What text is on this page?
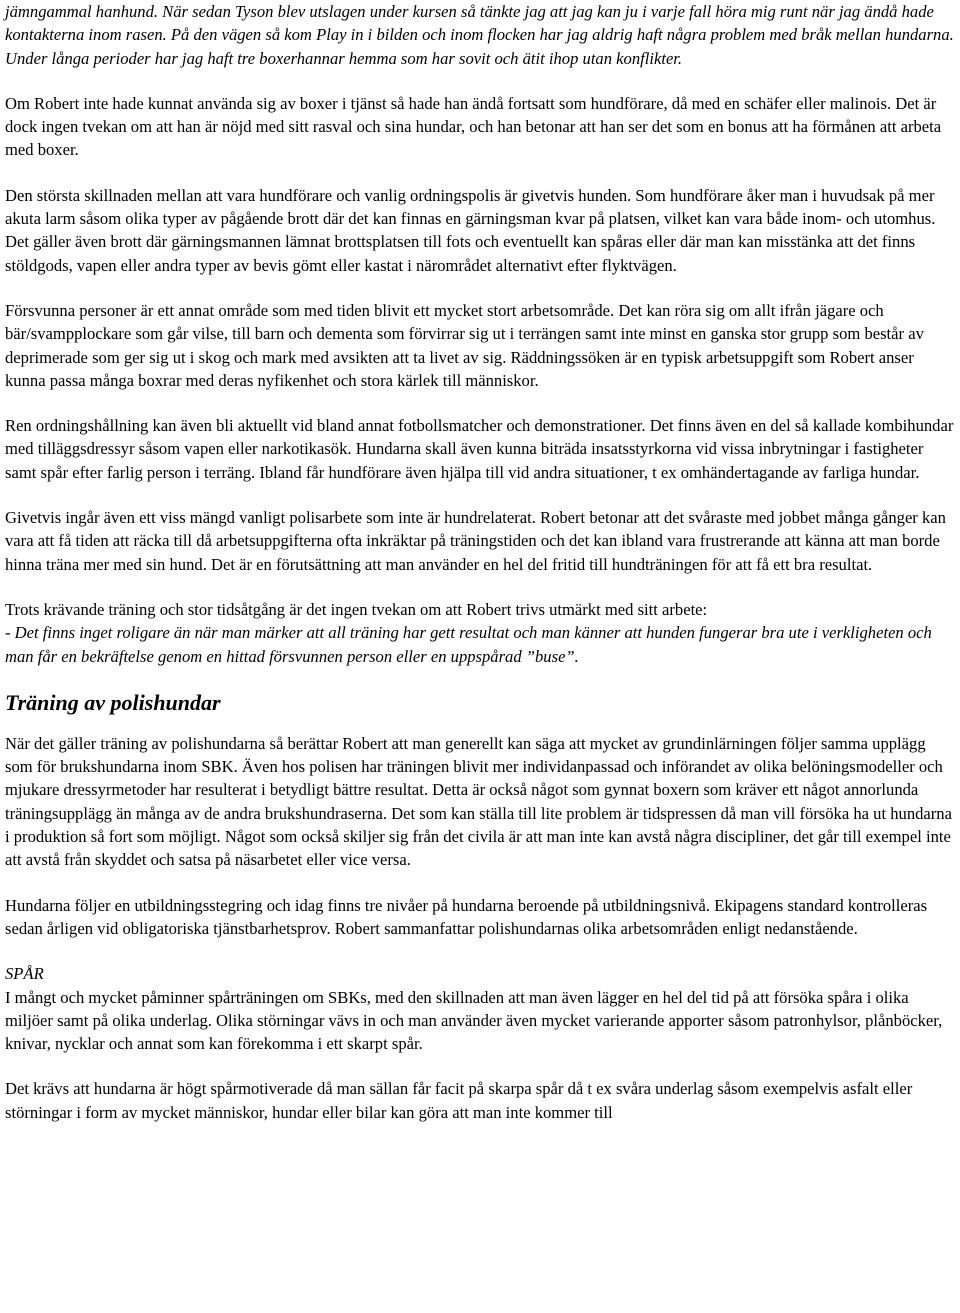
jämngammal hanhund. När sedan Tyson blev utslagen under kursen så tänkte jag att jag kan ju i varje fall höra mig runt när jag ändå hade kontakterna inom rasen. På den vägen så kom Play in i bilden och inom flocken har jag aldrig haft några problem med bråk mellan hundarna. Under långa perioder har jag haft tre boxerhannar hemma som har sovit och ätit ihop utan konflikter.

Om Robert inte hade kunnat använda sig av boxer i tjänst så hade han ändå fortsatt som hundförare, då med en schäfer eller malinois. Det är dock ingen tvekan om att han är nöjd med sitt rasval och sina hundar, och han betonar att han ser det som en bonus att ha förmånen att arbeta med boxer.

Den största skillnaden mellan att vara hundförare och vanlig ordningspolis är givetvis hunden. Som hundförare åker man i huvudsak på mer akuta larm såsom olika typer av pågående brott där det kan finnas en gärningsman kvar på platsen, vilket kan vara både inom- och utomhus. Det gäller även brott där gärningsmannen lämnat brottsplatsen till fots och eventuellt kan spåras eller där man kan misstänka att det finns stöldgods, vapen eller andra typer av bevis gömt eller kastat i närområdet alternativt efter flyktvägen.

Försvunna personer är ett annat område som med tiden blivit ett mycket stort arbetsområde. Det kan röra sig om allt ifrån jägare och bär/svampplockare som går vilse, till barn och dementa som förvirrar sig ut i terrängen samt inte minst en ganska stor grupp som består av deprimerade som ger sig ut i skog och mark med avsikten att ta livet av sig. Räddningssöken är en typisk arbetsuppgift som Robert anser kunna passa många boxrar med deras nyfikenhet och stora kärlek till människor.

Ren ordningshållning kan även bli aktuellt vid bland annat fotbollsmatcher och demonstrationer. Det finns även en del så kallade kombihundar med tilläggsdressyr såsom vapen eller narkotikasök. Hundarna skall även kunna biträda insatsstyrkorna vid vissa inbrytningar i fastigheter samt spår efter farlig person i terräng. Ibland får hundförare även hjälpa till vid andra situationer, t ex omhändertagande av farliga hundar.

Givetvis ingår även ett viss mängd vanligt polisarbete som inte är hundrelaterat. Robert betonar att det svåraste med jobbet många gånger kan vara att få tiden att räcka till då arbetsuppgifterna ofta inkräktar på träningstiden och det kan ibland vara frustrerande att känna att man borde hinna träna mer med sin hund. Det är en förutsättning att man använder en hel del fritid till hundträningen för att få ett bra resultat.

Trots krävande träning och stor tidsåtgång är det ingen tvekan om att Robert trivs utmärkt med sitt arbete:

- Det finns inget roligare än när man märker att all träning har gett resultat och man känner att hunden fungerar bra ute i verkligheten och man får en bekräftelse genom en hittad försvunnen person eller en uppspårad ”buse”.

Träning av polishundar

När det gäller träning av polishundarna så berättar Robert att man generellt kan säga att mycket av grundinlärningen följer samma upplägg som för brukshundarna inom SBK. Även hos polisen har träningen blivit mer individanpassad och införandet av olika belöningsmodeller och mjukare dressyrmetoder har resulterat i betydligt bättre resultat. Detta är också något som gynnat boxern som kräver ett något annorlunda träningsupplägg än många av de andra brukshundraserna. Det som kan ställa till lite problem är tidspressen då man vill försöka ha ut hundarna i produktion så fort som möjligt. Något som också skiljer sig från det civila är att man inte kan avstå några discipliner, det går till exempel inte att avstå från skyddet och satsa på näsarbetet eller vice versa.

Hundarna följer en utbildningsstegring och idag finns tre nivåer på hundarna beroende på utbildningsnivå. Ekipagens standard kontrolleras sedan årligen vid obligatoriska tjänstbarhetsprov. Robert sammanfattar polishundarnas olika arbetsområden enligt nedanstående.

SPÅR

I mångt och mycket påminner spårträningen om SBKs, med den skillnaden att man även lägger en hel del tid på att försöka spåra i olika miljöer samt på olika underlag. Olika störningar vävs in och man använder även mycket varierande apporter såsom patronhylsor, plånböcker, knivar, nycklar och annat som kan förekomma i ett skarpt spår.

Det krävs att hundarna är högt spårmotiverade då man sällan får facit på skarpa spår då t ex svåra underlag såsom exempelvis asfalt eller störningar i form av mycket människor, hundar eller bilar kan göra att man inte kommer till
